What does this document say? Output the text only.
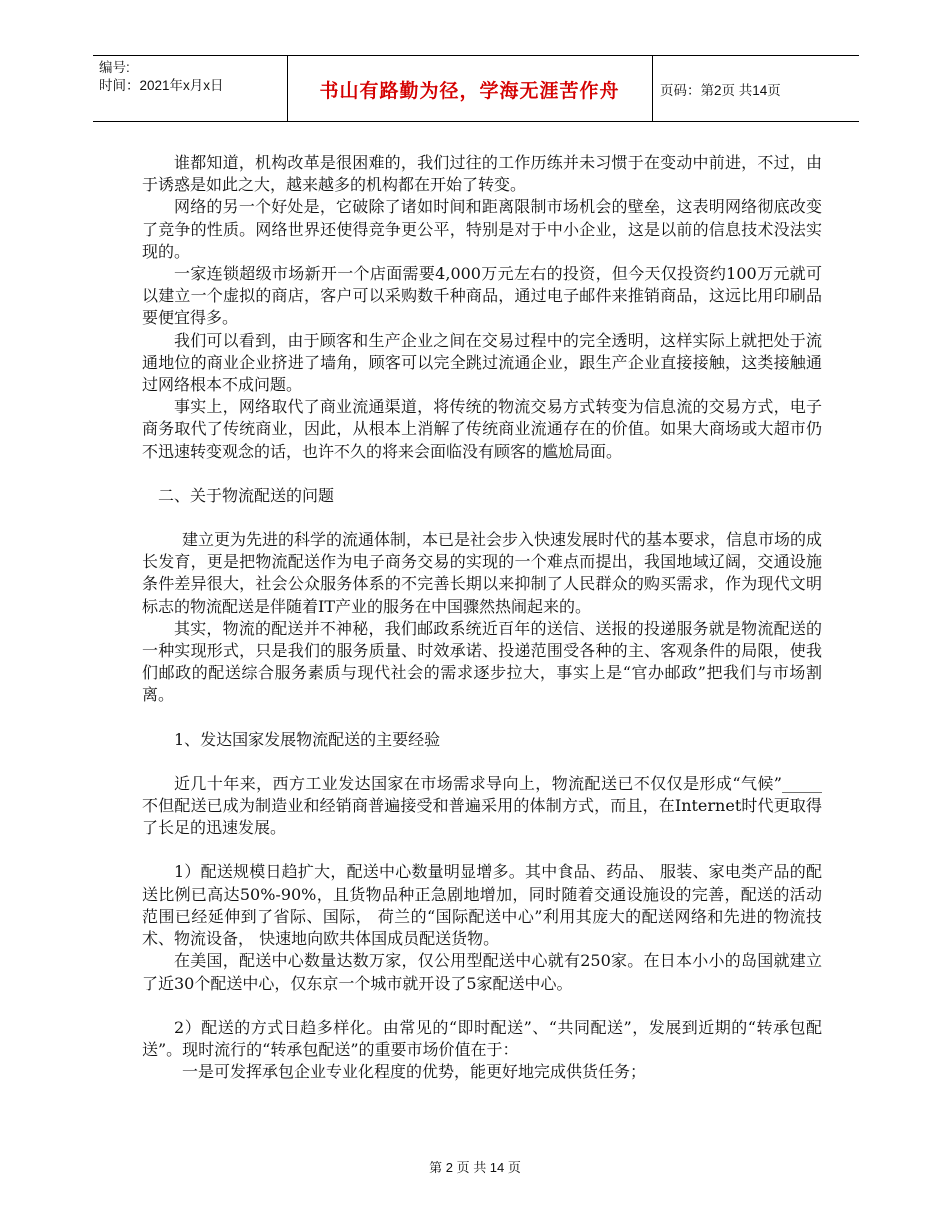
编号:
时间：2021年x月x日	书山有路勤为径，学海无涯苦作舟	页码：第2页 共14页

谁都知道，机构改革是很困难的，我们过往的工作历练并未习惯于在变动中前进，不过，由于诱惑是如此之大，越来越多的机构都在开始了转变。

网络的另一个好处是，它破除了诸如时间和距离限制市场机会的壁垒，这表明网络彻底改变了竞争的性质。网络世界还使得竞争更公平，特别是对于中小企业，这是以前的信息技术没法实现的。

一家连锁超级市场新开一个店面需要4,000万元左右的投资，但今天仅投资约100万元就可以建立一个虚拟的商店，客户可以采购数千种商品，通过电子邮件来推销商品，这远比用印刷品要便宜得多。

我们可以看到，由于顾客和生产企业之间在交易过程中的完全透明，这样实际上就把处于流通地位的商业企业挤进了墙角，顾客可以完全跳过流通企业，跟生产企业直接接触，这类接触通过网络根本不成问题。

事实上，网络取代了商业流通渠道，将传统的物流交易方式转变为信息流的交易方式，电子商务取代了传统商业，因此，从根本上消解了传统商业流通存在的价值。如果大商场或大超市仍不迅速转变观念的话，也许不久的将来会面临没有顾客的尴尬局面。

二、关于物流配送的问题

建立更为先进的科学的流通体制，本已是社会步入快速发展时代的基本要求，信息市场的成长发育，更是把物流配送作为电子商务交易的实现的一个难点而提出，我国地域辽阔，交通设施条件差异很大，社会公众服务体系的不完善长期以来抑制了人民群众的购买需求，作为现代文明标志的物流配送是伴随着IT产业的服务在中国骤然热闹起来的。

其实，物流的配送并不神秘，我们邮政系统近百年的送信、送报的投递服务就是物流配送的一种实现形式，只是我们的服务质量、时效承诺、投递范围受各种的主、客观条件的局限，使我们邮政的配送综合服务素质与现代社会的需求逐步拉大，事实上是“官办邮政”把我们与市场割离。

1、发达国家发展物流配送的主要经验

近几十年来，西方工业发达国家在市场需求导向上，物流配送已不仅仅是形成“气候”_____不但配送已成为制造业和经销商普遍接受和普遍采用的体制方式，而且，在Internet时代更取得了长足的迅速发展。

1）配送规模日趋扩大，配送中心数量明显增多。其中食品、药品、 服装、家电类产品的配送比例已高达50%-90%，且货物品种正急剧地增加，同时随着交通设施设的完善，配送的活动范围已经延伸到了省际、国际， 荷兰的“国际配送中心”利用其庞大的配送网络和先进的物流技术、物流设备， 快速地向欧共体国成员配送货物。

在美国，配送中心数量达数万家，仅公用型配送中心就有250家。在日本小小的岛国就建立了近30个配送中心，仅东京一个城市就开设了5家配送中心。

2）配送的方式日趋多样化。由常见的“即时配送”、“共同配送”，发展到近期的“转承包配送”。现时流行的“转承包配送”的重要市场价值在于：

一是可发挥承包企业专业化程度的优势，能更好地完成供货任务；

第 2 页 共 14 页
